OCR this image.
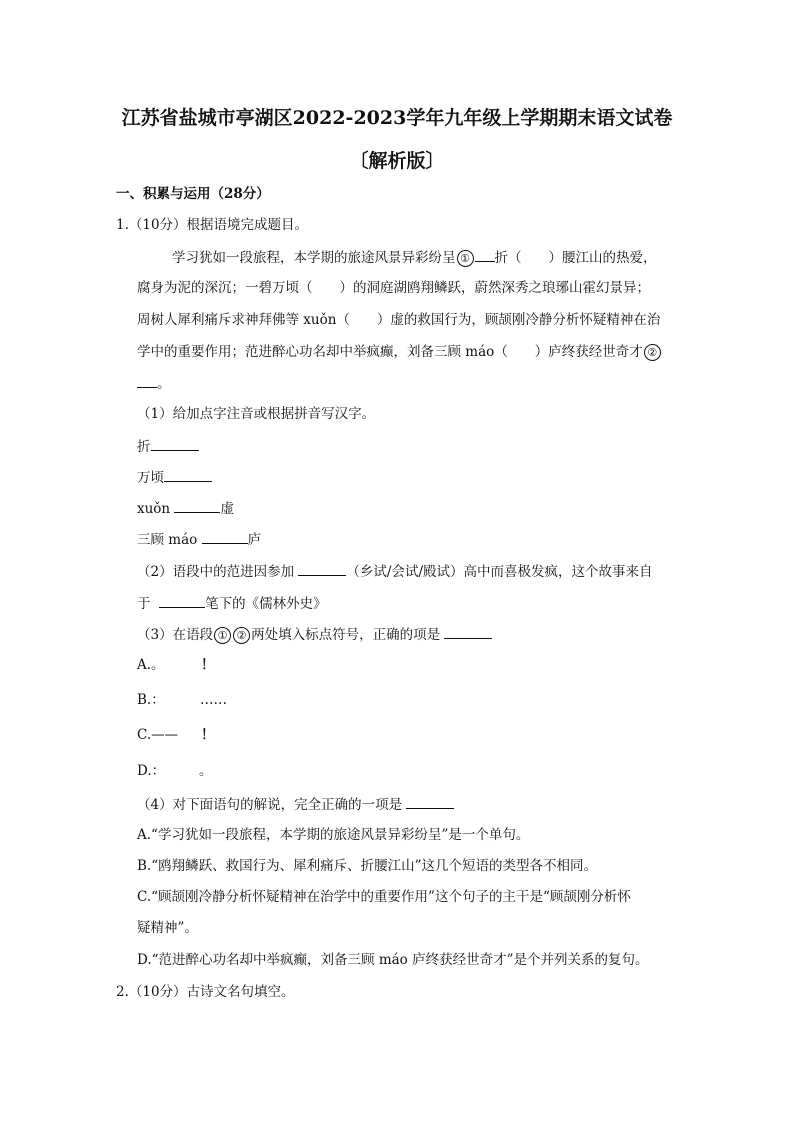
江苏省盐城市亭湖区2022-2023学年九年级上学期期末语文试卷
〔解析版〕
一、积累与运用（28分）
1.（10分）根据语境完成题目。
学习犹如一段旅程，本学期的旅途风景异彩纷呈 ① 折（　　）腰江山的热爱，
腐身为泥的深沉；一碧万顷（　　）的洞庭湖鸥翔鳞跃，蔚然深秀之琅琊山霍幻景异；
周树人犀利痛斥求神拜佛等 xuǒn（　　）虚的救国行为，顾颉刚冷静分析怀疑精神在治
学中的重要作用；范进醉心功名却中举疯癫，刘备三顾 máo（　　）庐终获经世奇才 ②
。
（1）给加点字注音或根据拼音写汉字。
折
万顷
xuǒn	虚
三顾 máo	庐
（2）语段中的范进因参加	（乡试/会试/殿试）高中而喜极发疯，这个故事来自
于	笔下的《儒林外史》
（3）在语段 ① ② 两处填入标点符号，正确的项是
A.。	！
B.：	……
C.—— ！
D.：	。
（4）对下面语句的解说，完全正确的一项是
A.“学习犹如一段旅程，本学期的旅途风景异彩纷呈”是一个单句。
B.“鸥翔鳞跃、救国行为、犀利痛斥、折腰江山”这几个短语的类型各不相同。
C.“顾颉刚冷静分析怀疑精神在治学中的重要作用”这个句子的主干是“顾颉刚分析怀
疑精神”。
D.“范进醉心功名却中举疯癫，刘备三顾 máo 庐终获经世奇才”是个并列关系的复句。
2.（10分）古诗文名句填空。
